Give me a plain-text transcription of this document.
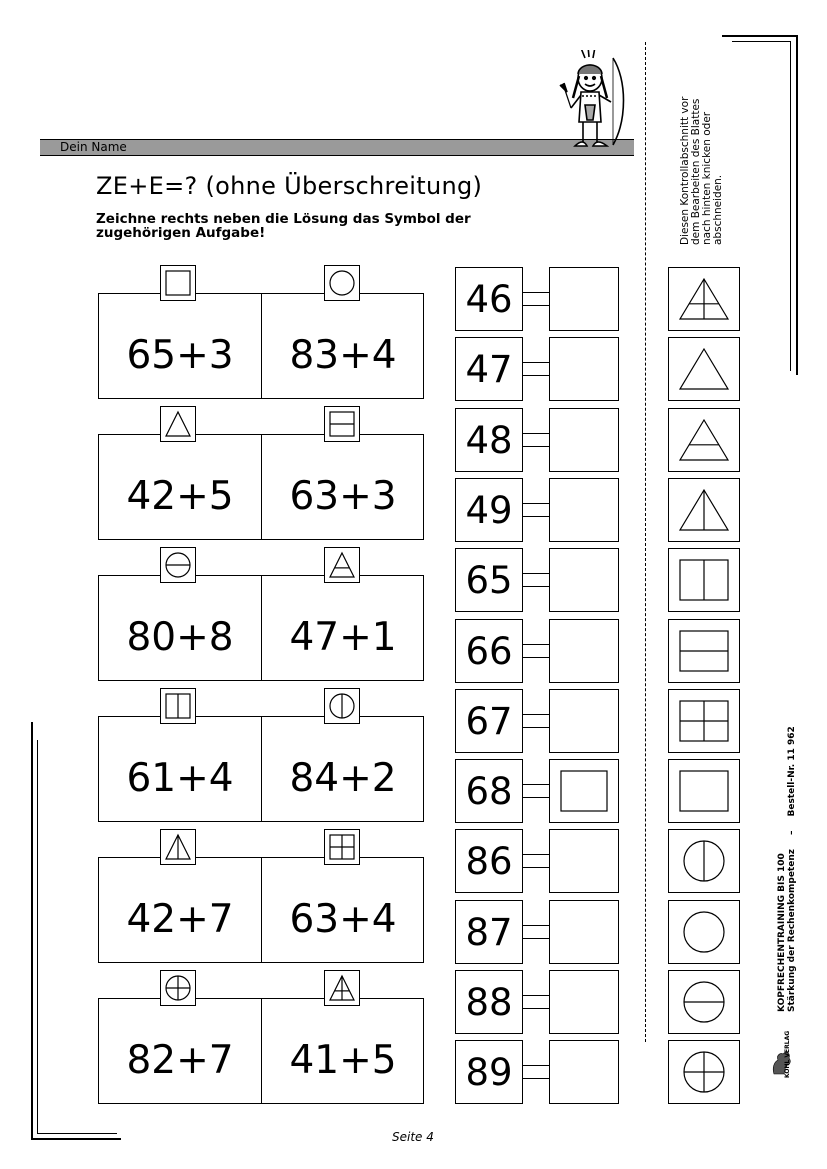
Dein Name
ZE+E=? (ohne Überschreitung)
Zeichne rechts neben die Lösung das Symbol der
zugehörigen Aufgabe!
65+3	83+4
42+5	63+3
80+8	47+1
61+4	84+2
42+7	63+4
82+7	41+5
46
47
48
49
65
66
67
68
86
87
88
89
Diesen Kontrollabschnitt vor dem Bearbeiten des Blattes nach hinten knicken oder abschneiden.
KOPFRECHENTRAINING BIS 100 Stärkung der Rechenkompetenz–Bestell-Nr. 11 962
KOHL VERLAG
Seite 4
